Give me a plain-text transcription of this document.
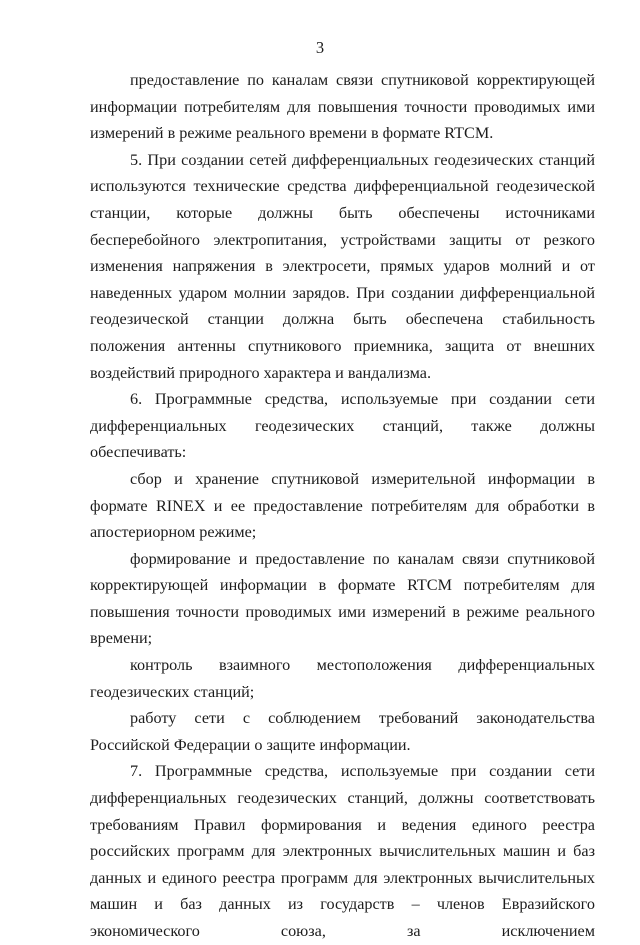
3

предоставление по каналам связи спутниковой корректирующей информации потребителям для повышения точности проводимых ими измерений в режиме реального времени в формате RTCM.

5. При создании сетей дифференциальных геодезических станций используются технические средства дифференциальной геодезической станции, которые должны быть обеспечены источниками бесперебойного электропитания, устройствами защиты от резкого изменения напряжения в электросети, прямых ударов молний и от наведенных ударом молнии зарядов. При создании дифференциальной геодезической станции должна быть обеспечена стабильность положения антенны спутникового приемника, защита от внешних воздействий природного характера и вандализма.

6. Программные средства, используемые при создании сети дифференциальных геодезических станций, также должны обеспечивать:

сбор и хранение спутниковой измерительной информации в формате RINEX и ее предоставление потребителям для обработки в апостериорном режиме;

формирование и предоставление по каналам связи спутниковой корректирующей информации в формате RTCM потребителям для повышения точности проводимых ими измерений в режиме реального времени;

контроль взаимного местоположения дифференциальных геодезических станций;

работу сети с соблюдением требований законодательства Российской Федерации о защите информации.

7. Программные средства, используемые при создании сети дифференциальных геодезических станций, должны соответствовать требованиям Правил формирования и ведения единого реестра российских программ для электронных вычислительных машин и баз данных и единого реестра программ для электронных вычислительных машин и баз данных из государств – членов Евразийского экономического союза, за исключением
